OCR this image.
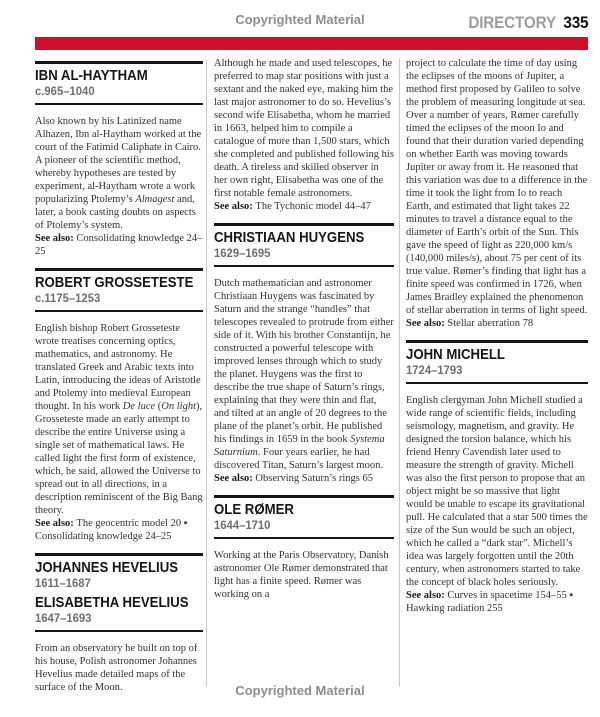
Copyrighted Material	DIRECTORY 335
IBN AL-HAYTHAM
c.965–1040

Also known by his Latinized name Alhazen, Ibn al-Haytham worked at the court of the Fatimid Caliphate in Cairo. A pioneer of the scientific method, whereby hypotheses are tested by experiment, al-Haytham wrote a work popularizing Ptolemy’s Almagest and, later, a book casting doubts on aspects of Ptolemy’s system.

See also: Consolidating knowledge 24–25

ROBERT GROSSETESTE
c.1175–1253

English bishop Robert Grosseteste wrote treatises concerning optics, mathematics, and astronomy. He translated Greek and Arabic texts into Latin, introducing the ideas of Aristotle and Ptolemy into medieval European thought. In his work De luce (On light), Grosseteste made an early attempt to describe the entire Universe using a single set of mathematical laws. He called light the first form of existence, which, he said, allowed the Universe to spread out in all directions, in a description reminiscent of the Big Bang theory.

See also: The geocentric model 20 ▪ Consolidating knowledge 24–25

JOHANNES HEVELIUS
1611–1687
ELISABETHA HEVELIUS
1647–1693

From an observatory he built on top of his house, Polish astronomer Johannes Hevelius made detailed maps of the surface of the Moon.

Although he made and used telescopes, he preferred to map star positions with just a sextant and the naked eye, making him the last major astronomer to do so. Hevelius’s second wife Elisabetha, whom he married in 1663, helped him to compile a catalogue of more than 1,500 stars, which she completed and published following his death. A tireless and skilled observer in her own right, Elisabetha was one of the first notable female astronomers.

See also: The Tychonic model 44–47

CHRISTIAAN HUYGENS
1629–1695

Dutch mathematician and astronomer Christiaan Huygens was fascinated by Saturn and the strange “handles” that telescopes revealed to protrude from either side of it. With his brother Constantijn, he constructed a powerful telescope with improved lenses through which to study the planet. Huygens was the first to describe the true shape of Saturn’s rings, explaining that they were thin and flat, and tilted at an angle of 20 degrees to the plane of the planet’s orbit. He published his findings in 1659 in the book Systema Saturnium. Four years earlier, he had discovered Titan, Saturn’s largest moon.

See also: Observing Saturn’s rings 65

OLE RØMER
1644–1710

Working at the Paris Observatory, Danish astronomer Ole Rømer demonstrated that light has a finite speed. Rømer was working on a

project to calculate the time of day using the eclipses of the moons of Jupiter, a method first proposed by Galileo to solve the problem of measuring longitude at sea. Over a number of years, Rømer carefully timed the eclipses of the moon Io and found that their duration varied depending on whether Earth was moving towards Jupiter or away from it. He reasoned that this variation was due to a difference in the time it took the light from Io to reach Earth, and estimated that light takes 22 minutes to travel a distance equal to the diameter of Earth’s orbit of the Sun. This gave the speed of light as 220,000 km/s (140,000 miles/s), about 75 per cent of its true value. Rømer’s finding that light has a finite speed was confirmed in 1726, when James Bradley explained the phenomenon of stellar aberration in terms of light speed.

See also: Stellar aberration 78

JOHN MICHELL
1724–1793

English clergyman John Michell studied a wide range of scientific fields, including seismology, magnetism, and gravity. He designed the torsion balance, which his friend Henry Cavendish later used to measure the strength of gravity. Michell was also the first person to propose that an object might be so massive that light would be unable to escape its gravitational pull. He calculated that a star 500 times the size of the Sun would be such an object, which he called a “dark star”. Michell’s idea was largely forgotten until the 20th century, when astronomers started to take the concept of black holes seriously.

See also: Curves in spacetime 154–55 ▪ Hawking radiation 255

Copyrighted Material
